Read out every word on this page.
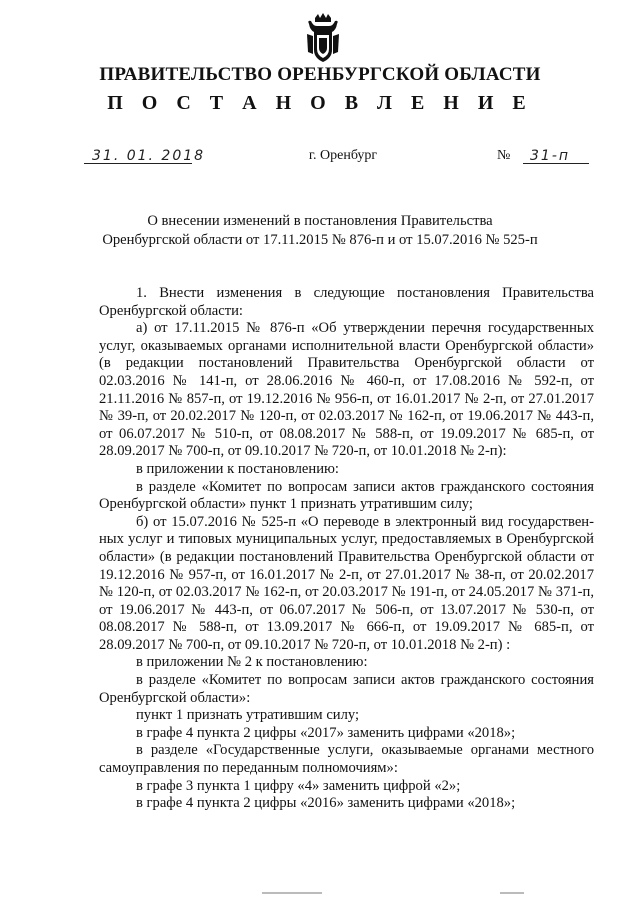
ПРАВИТЕЛЬСТВО ОРЕНБУРГСКОЙ ОБЛАСТИ
П О С Т А Н О В Л Е Н И Е
31. 01. 2018	г. Оренбург	№ 31-п
О внесении изменений в постановления Правительства
Оренбургской области от 17.11.2015 № 876-п и от 15.07.2016 № 525-п

1. Внести изменения в следующие постановления Правительства Оренбургской области:

а) от 17.11.2015 № 876-п «Об утверждении перечня государственных услуг, оказываемых органами исполнительной власти Оренбургской области» (в редакции постановлений Правительства Оренбургской области от 02.03.2016 № 141-п, от 28.06.2016 № 460-п, от 17.08.2016 № 592-п, от 21.11.2016 № 857-п, от 19.12.2016 № 956-п, от 16.01.2017 № 2-п, от 27.01.2017 № 39-п, от 20.02.2017 № 120-п, от 02.03.2017 № 162-п, от 19.06.2017 № 443-п, от 06.07.2017 № 510-п, от 08.08.2017 № 588-п, от 19.09.2017 № 685-п, от 28.09.2017 № 700-п, от 09.10.2017 № 720-п, от 10.01.2018 № 2-п):

в приложении к постановлению:

в разделе «Комитет по вопросам записи актов гражданского состояния Оренбургской области» пункт 1 признать утратившим силу;

б) от 15.07.2016 № 525-п «О переводе в электронный вид государственных услуг и типовых муниципальных услуг, предоставляемых в Оренбургской области» (в редакции постановлений Правительства Оренбургской области от 19.12.2016 № 957-п, от 16.01.2017 № 2-п, от 27.01.2017 № 38-п, от 20.02.2017 № 120-п, от 02.03.2017 № 162-п, от 20.03.2017 № 191-п, от 24.05.2017 № 371-п, от 19.06.2017 № 443-п, от 06.07.2017 № 506-п, от 13.07.2017 № 530-п, от 08.08.2017 № 588-п, от 13.09.2017 № 666-п, от 19.09.2017 № 685-п, от 28.09.2017 № 700-п, от 09.10.2017 № 720-п, от 10.01.2018 № 2-п) :

в приложении № 2 к постановлению:

в разделе «Комитет по вопросам записи актов гражданского состояния Оренбургской области»:

пункт 1 признать утратившим силу;

в графе 4 пункта 2 цифры «2017» заменить цифрами «2018»;

в разделе «Государственные услуги, оказываемые органами местного самоуправления по переданным полномочиям»:

в графе 3 пункта 1 цифру «4» заменить цифрой «2»;

в графе 4 пункта 2 цифры «2016» заменить цифрами «2018»;
